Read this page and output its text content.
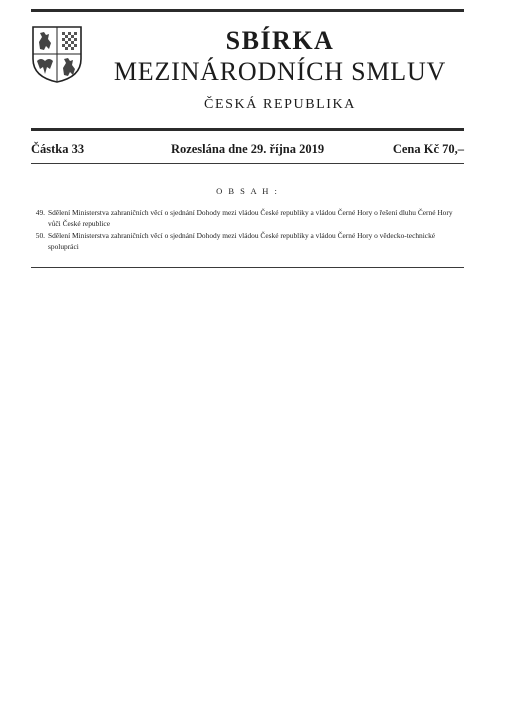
SBÍRKA
MEZINÁRODNÍCH SMLUV
ČESKÁ REPUBLIKA
Částka 33	Rozeslána dne 29. října 2019	Cena Kč 70,–
O B S A H :
49. Sdělení Ministerstva zahraničních věcí o sjednání Dohody mezi vládou České republiky a vládou Černé Hory o řešení dluhu Černé Hory vůči České republice
50. Sdělení Ministerstva zahraničních věcí o sjednání Dohody mezi vládou České republiky a vládou Černé Hory o vědecko-technické spolupráci
